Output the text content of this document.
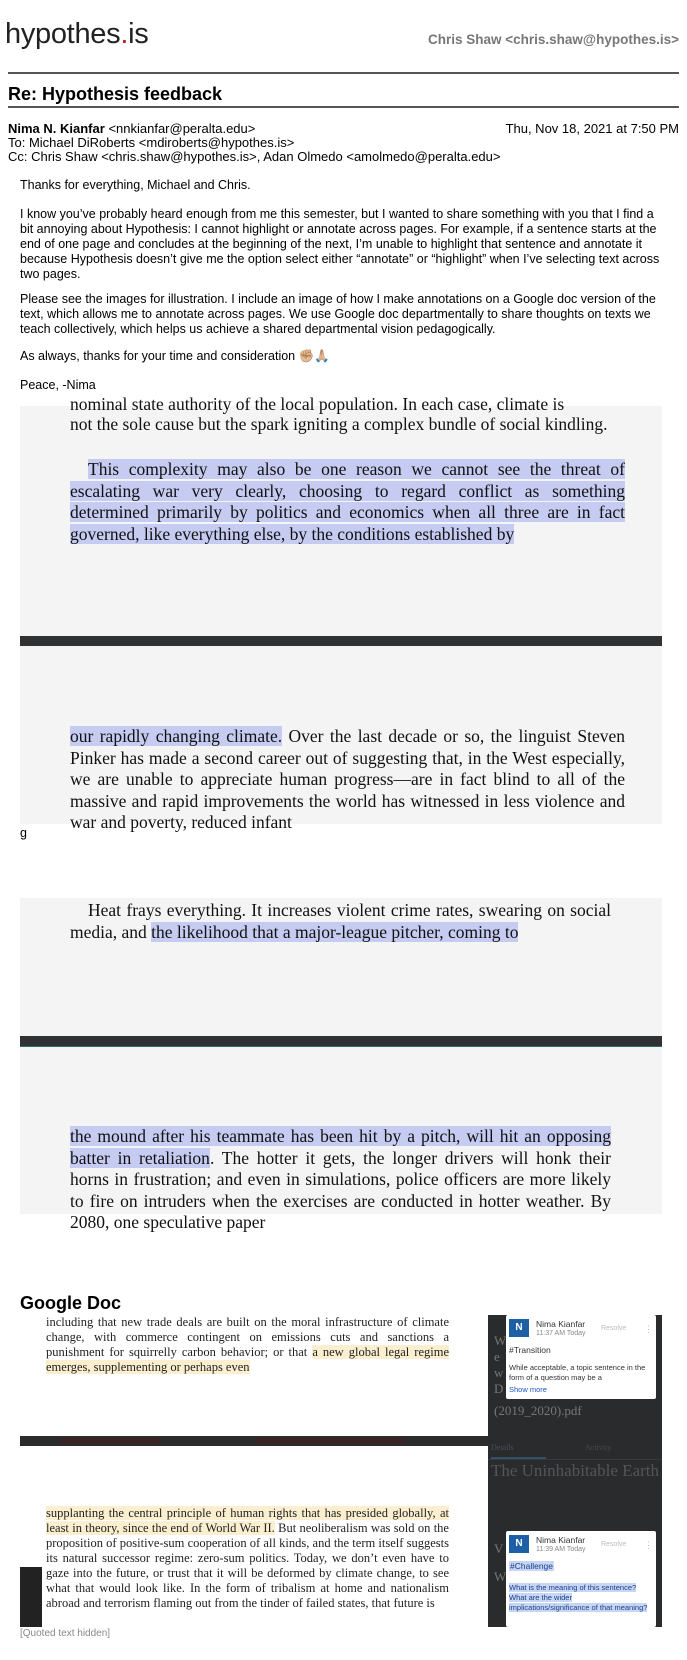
hypothes.is	Chris Shaw <chris.shaw@hypothes.is>
Re: Hypothesis feedback
Nima N. Kianfar <nnkianfar@peralta.edu>	Thu, Nov 18, 2021 at 7:50 PM
To: Michael DiRoberts <mdiroberts@hypothes.is>
Cc: Chris Shaw <chris.shaw@hypothes.is>, Adan Olmedo <amolmedo@peralta.edu>

Thanks for everything, Michael and Chris.

I know you’ve probably heard enough from me this semester, but I wanted to share something with you that I find a bit annoying about Hypothesis: I cannot highlight or annotate across pages. For example, if a sentence starts at the end of one page and concludes at the beginning of the next, I’m unable to highlight that sentence and annotate it because Hypothesis doesn’t give me the option select either “annotate” or “highlight” when I’ve selecting text across two pages.

Please see the images for illustration. I include an image of how I make annotations on a Google doc version of the text, which allows me to annotate across pages. We use Google doc departmentally to share thoughts on texts we teach collectively, which helps us achieve a shared departmental vision pedagogically.

As always, thanks for your time and consideration ✊🏼🙏🏼

Peace, -Nima

nominal state authority of the local population. In each case, climate is
not the sole cause but the spark igniting a complex bundle of social kindling.
This complexity may also be one reason we cannot see the threat of escalating war very clearly, choosing to regard conflict as something determined primarily by politics and economics when all three are in fact governed, like everything else, by the conditions established by
our rapidly changing climate. Over the last decade or so, the linguist Steven Pinker has made a second career out of suggesting that, in the West especially, we are unable to appreciate human progress—are in fact blind to all of the massive and rapid improvements the world has witnessed in less violence and war and poverty, reduced infant
g
Heat frays everything. It increases violent crime rates, swearing on social media, and the likelihood that a major-league pitcher, coming to
the mound after his teammate has been hit by a pitch, will hit an opposing batter in retaliation. The hotter it gets, the longer drivers will honk their horns in frustration; and even in simulations, police officers are more likely to fire on intruders when the exercises are conducted in hotter weather. By 2080, one speculative paper
Google Doc
including that new trade deals are built on the moral infrastructure of climate change, with commerce contingent on emissions cuts and sanctions a punishment for squirrelly carbon behavior; or that a new global legal regime emerges, supplementing or perhaps even
supplanting the central principle of human rights that has presided globally, at least in theory, since the end of World War II. But neoliberalism was sold on the proposition of positive-sum cooperation of all kinds, and the term itself suggests its natural successor regime: zero-sum politics. Today, we don’t even have to gaze into the future, or trust that it will be deformed by climate change, to see what that would look like. In the form of tribalism at home and nationalism abroad and terrorism flaming out from the tinder of failed states, that future is
W
e
w
D
(2019_2020).pdf
Details	Activity
The Uninhabitable Earth
V
W
N	Nima Kianfar
11:37 AM Today
Resolve ⋮
#Transition
While acceptable, a topic sentence in the form of a question may be a
Show more
N	Nima Kianfar
11:39 AM Today
Resolve ⋮
#Challenge
What is the meaning of this sentence? What are the wider implications/significance of that meaning?
[Quoted text hidden]
